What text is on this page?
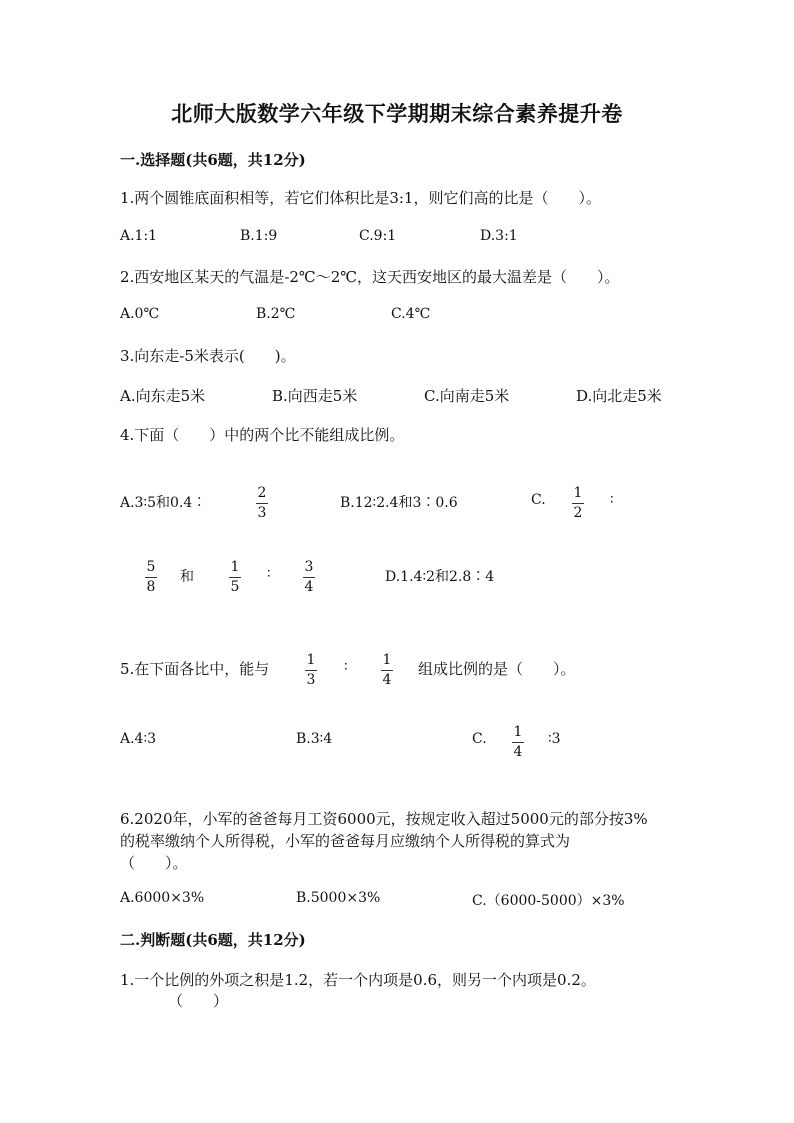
北师大版数学六年级下学期期末综合素养提升卷
一.选择题(共6题，共12分)
1.两个圆锥底面积相等，若它们体积比是3:1，则它们高的比是（　　）。
A.1:1	B.1:9	C.9:1	D.3:1
2.西安地区某天的气温是-2℃～2℃，这天西安地区的最大温差是（　　）。
A.0℃	B.2℃	C.4℃
3.向东走-5米表示(　　)。
A.向东走5米	B.向西走5米	C.向南走5米	D.向北走5米
4.下面（　　）中的两个比不能组成比例。
A.3∶5和0.4∶
2
3
B.12∶2.4和3∶0.6	C. 1
2
∶
5
8
和
1
5
∶ 3
4
D.1.4∶2和2.8∶4
5.在下面各比中，能与	1
3
∶ 1
4
组成比例的是（　　）。
A.4∶3	B.3∶4	C. 1
4
∶3
6.2020年，小军的爸爸每月工资6000元，按规定收入超过5000元的部分按3%
的税率缴纳个人所得税，小军的爸爸每月应缴纳个人所得税的算式为
（　　）。
A.6000×3%	B.5000×3%	C.（6000-5000）×3%
二.判断题(共6题，共12分)
1.一个比例的外项之积是1.2，若一个内项是0.6，则另一个内项是0.2。
（　　）
